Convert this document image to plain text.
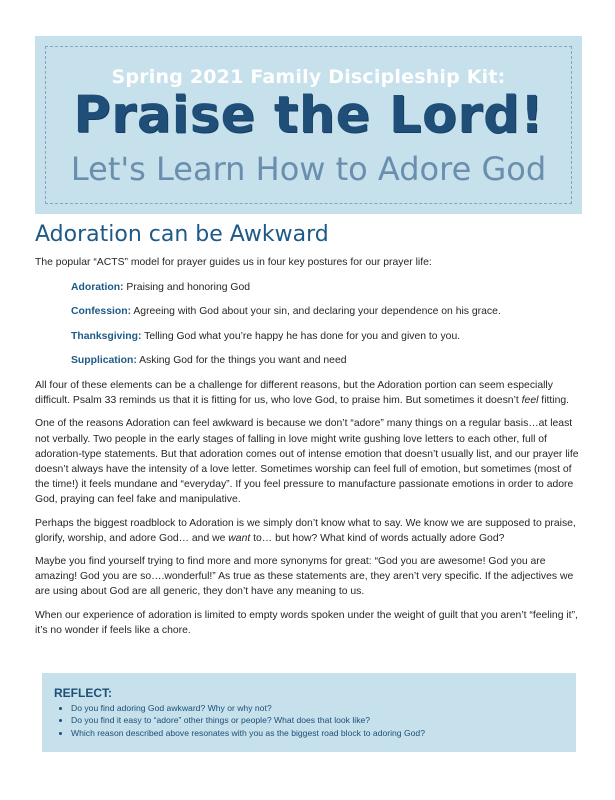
Spring 2021 Family Discipleship Kit:
Praise the Lord!
Let's Learn How to Adore God
Adoration can be Awkward

The popular “ACTS” model for prayer guides us in four key postures for our prayer life:

Adoration: Praising and honoring God
Confession: Agreeing with God about your sin, and declaring your dependence on his grace.
Thanksgiving: Telling God what you’re happy he has done for you and given to you.
Supplication: Asking God for the things you want and need

All four of these elements can be a challenge for different reasons, but the Adoration portion can seem especially difficult. Psalm 33 reminds us that it is fitting for us, who love God, to praise him. But sometimes it doesn’t feel fitting.

One of the reasons Adoration can feel awkward is because we don’t “adore” many things on a regular basis…at least not verbally. Two people in the early stages of falling in love might write gushing love letters to each other, full of adoration-type statements. But that adoration comes out of intense emotion that doesn’t usually list, and our prayer life doesn’t always have the intensity of a love letter. Sometimes worship can feel full of emotion, but sometimes (most of the time!) it feels mundane and “everyday”. If you feel pressure to manufacture passionate emotions in order to adore God, praying can feel fake and manipulative.

Perhaps the biggest roadblock to Adoration is we simply don’t know what to say. We know we are supposed to praise, glorify, worship, and adore God… and we want to… but how? What kind of words actually adore God?

Maybe you find yourself trying to find more and more synonyms for great: “God you are awesome! God you are amazing! God you are so….wonderful!” As true as these statements are, they aren’t very specific. If the adjectives we are using about God are all generic, they don’t have any meaning to us.

When our experience of adoration is limited to empty words spoken under the weight of guilt that you aren’t “feeling it”, it’s no wonder if feels like a chore.

REFLECT:
• Do you find adoring God awkward? Why or why not?
• Do you find it easy to “adore” other things or people? What does that look like?
• Which reason described above resonates with you as the biggest road block to adoring God?
